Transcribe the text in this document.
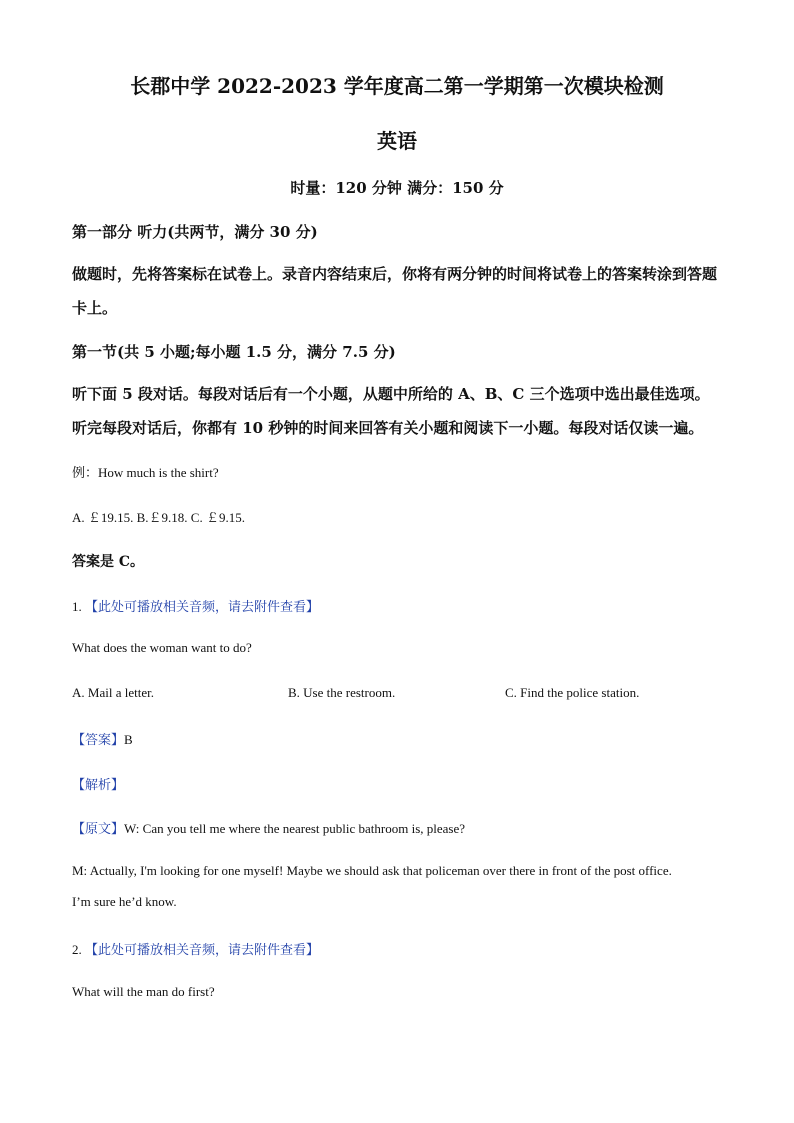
长郡中学 2022-2023 学年度高二第一学期第一次模块检测
英语
时量：120 分钟 满分：150 分
第一部分 听力(共两节，满分 30 分)
做题时，先将答案标在试卷上。录音内容结束后，你将有两分钟的时间将试卷上的答案转涂到答题卡上。
第一节(共 5 小题;每小题 1.5 分，满分 7.5 分)
听下面 5 段对话。每段对话后有一个小题，从题中所给的 A、B、C 三个选项中选出最佳选项。听完每段对话后，你都有 10 秒钟的时间来回答有关小题和阅读下一小题。每段对话仅读一遍。
例：How much is the shirt?
A. ￡19.15. B.￡9.18. C. ￡9.15.
答案是 C。
1. 【此处可播放相关音频，请去附件查看】
What does the woman want to do?
A. Mail a letter.	B. Use the restroom.	C. Find the police station.
【答案】B
【解析】
【原文】W: Can you tell me where the nearest public bathroom is, please?
M: Actually, I'm looking for one myself! Maybe we should ask that policeman over there in front of the post office.
I’m sure he’d know.
2. 【此处可播放相关音频，请去附件查看】
What will the man do first?
